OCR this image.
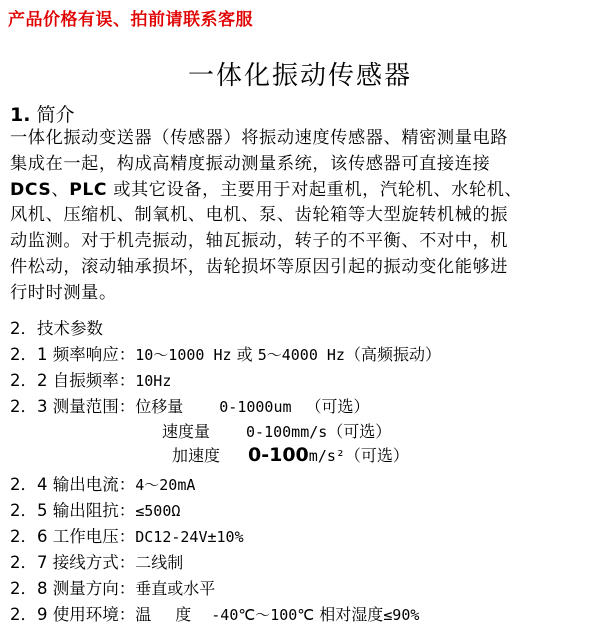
产品价格有误、拍前请联系客服
一体化振动传感器
1. 简介
一体化振动变送器（传感器）将振动速度传感器、精密测量电路
集成在一起，构成高精度振动测量系统，该传感器可直接连接
DCS、PLC 或其它设备，主要用于对起重机，汽轮机、水轮机、
风机、压缩机、制氧机、电机、泵、齿轮箱等大型旋转机械的振
动监测。对于机壳振动，轴瓦振动，转子的不平衡、不对中，机
件松动，滚动轴承损坏，齿轮损坏等原因引起的振动变化能够进
行时时测量。
2．技术参数
2．1 频率响应：10～1000 Hz 或 5～4000 Hz（高频振动）
2．2 自振频率：10Hz
2．3 测量范围：位移量 0-1000um （可选）
速度量 0-100mm/s（可选）
加速度 0-100m/s²（可选）
2．4 输出电流：4～20mA
2．5 输出阻抗：≤500Ω
2．6 工作电压：DC12-24V±10%
2．7 接线方式：二线制
2．8 测量方向：垂直或水平
2．9 使用环境：温 度 -40℃～100℃ 相对湿度≤90%
